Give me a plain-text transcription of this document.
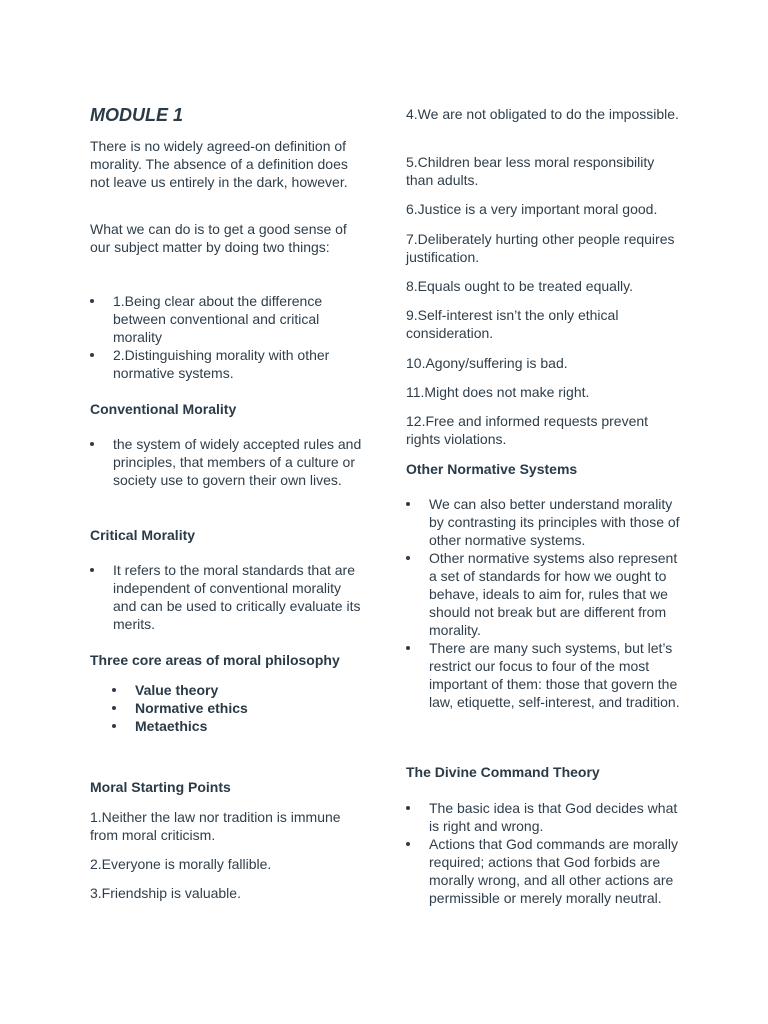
MODULE 1

There is no widely agreed-on definition of morality. The absence of a definition does not leave us entirely in the dark, however.

What we can do is to get a good sense of our subject matter by doing two things:

1.Being clear about the difference between conventional and critical morality
2.Distinguishing morality with other normative systems.

Conventional Morality

the system of widely accepted rules and principles, that members of a culture or society use to govern their own lives.

Critical Morality

It refers to the moral standards that are independent of conventional morality and can be used to critically evaluate its merits.

Three core areas of moral philosophy

Value theory
Normative ethics
Metaethics

Moral Starting Points

1.Neither the law nor tradition is immune from moral criticism.

2.Everyone is morally fallible.

3.Friendship is valuable.

4.We are not obligated to do the impossible.

5.Children bear less moral responsibility than adults.

6.Justice is a very important moral good.

7.Deliberately hurting other people requires justification.

8.Equals ought to be treated equally.

9.Self-interest isn’t the only ethical consideration.

10.Agony/suffering is bad.

11.Might does not make right.

12.Free and informed requests prevent rights violations.

Other Normative Systems

We can also better understand morality by contrasting its principles with those of other normative systems.
Other normative systems also represent a set of standards for how we ought to behave, ideals to aim for, rules that we should not break but are different from morality.
There are many such systems, but let’s restrict our focus to four of the most important of them: those that govern the law, etiquette, self-interest, and tradition.

The Divine Command Theory

The basic idea is that God decides what is right and wrong.
Actions that God commands are morally required; actions that God forbids are morally wrong, and all other actions are permissible or merely morally neutral.
